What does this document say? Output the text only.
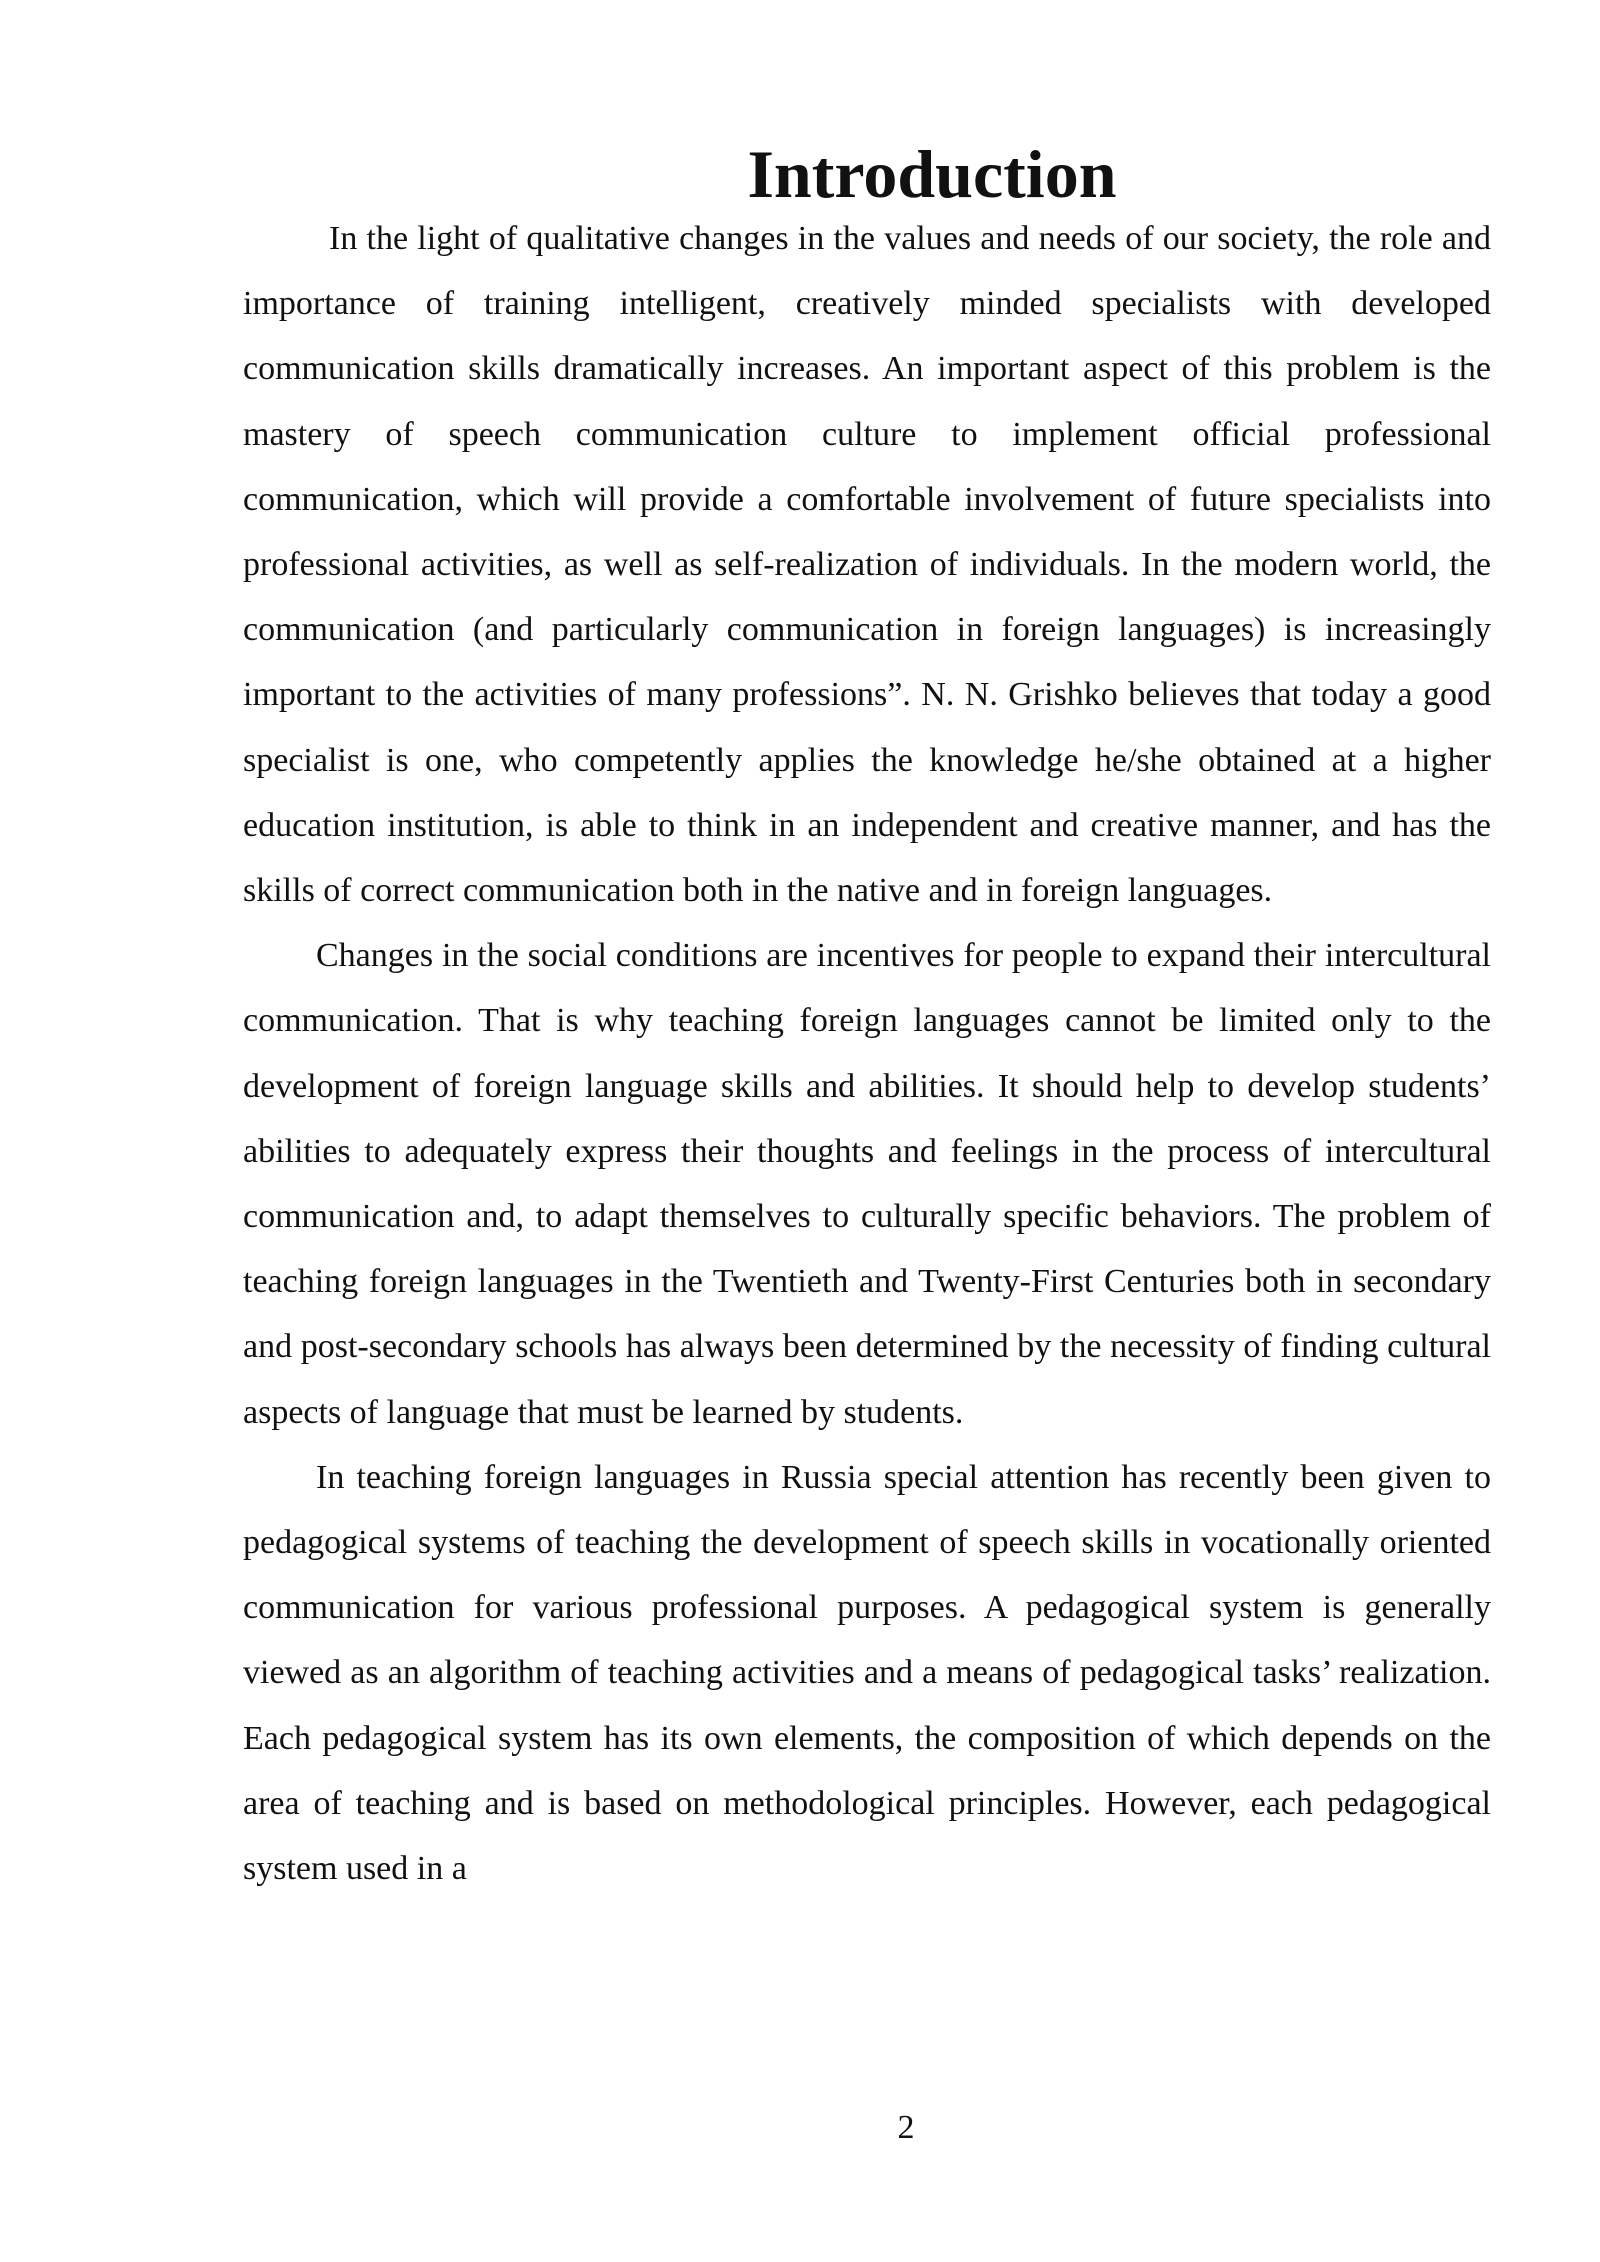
Introduction

In the light of qualitative changes in the values and needs of our society, the role and importance of training intelligent, creatively minded specialists with developed communication skills dramatically increases. An important aspect of this problem is the mastery of speech communication culture to implement official professional communication, which will provide a comfortable involvement of future specialists into professional activities, as well as self-realization of individuals. In the modern world, the communication (and particularly communication in foreign languages) is increasingly important to the activities of many professions”. N. N. Grishko believes that today a good specialist is one, who competently applies the knowledge he/she obtained at a higher education institution, is able to think in an independent and creative manner, and has the skills of correct communication both in the native and in foreign languages.

Changes in the social conditions are incentives for people to expand their intercultural communication. That is why teaching foreign languages cannot be limited only to the development of foreign language skills and abilities. It should help to develop students’ abilities to adequately express their thoughts and feelings in the process of intercultural communication and, to adapt themselves to culturally specific behaviors. The problem of teaching foreign languages in the Twentieth and Twenty-First Centuries both in secondary and post-secondary schools has always been determined by the necessity of finding cultural aspects of language that must be learned by students.

In teaching foreign languages in Russia special attention has recently been given to pedagogical systems of teaching the development of speech skills in vocationally oriented communication for various professional purposes. A pedagogical system is generally viewed as an algorithm of teaching activities and a means of pedagogical tasks’ realization. Each pedagogical system has its own elements, the composition of which depends on the area of teaching and is based on methodological principles. However, each pedagogical system used in a

2
